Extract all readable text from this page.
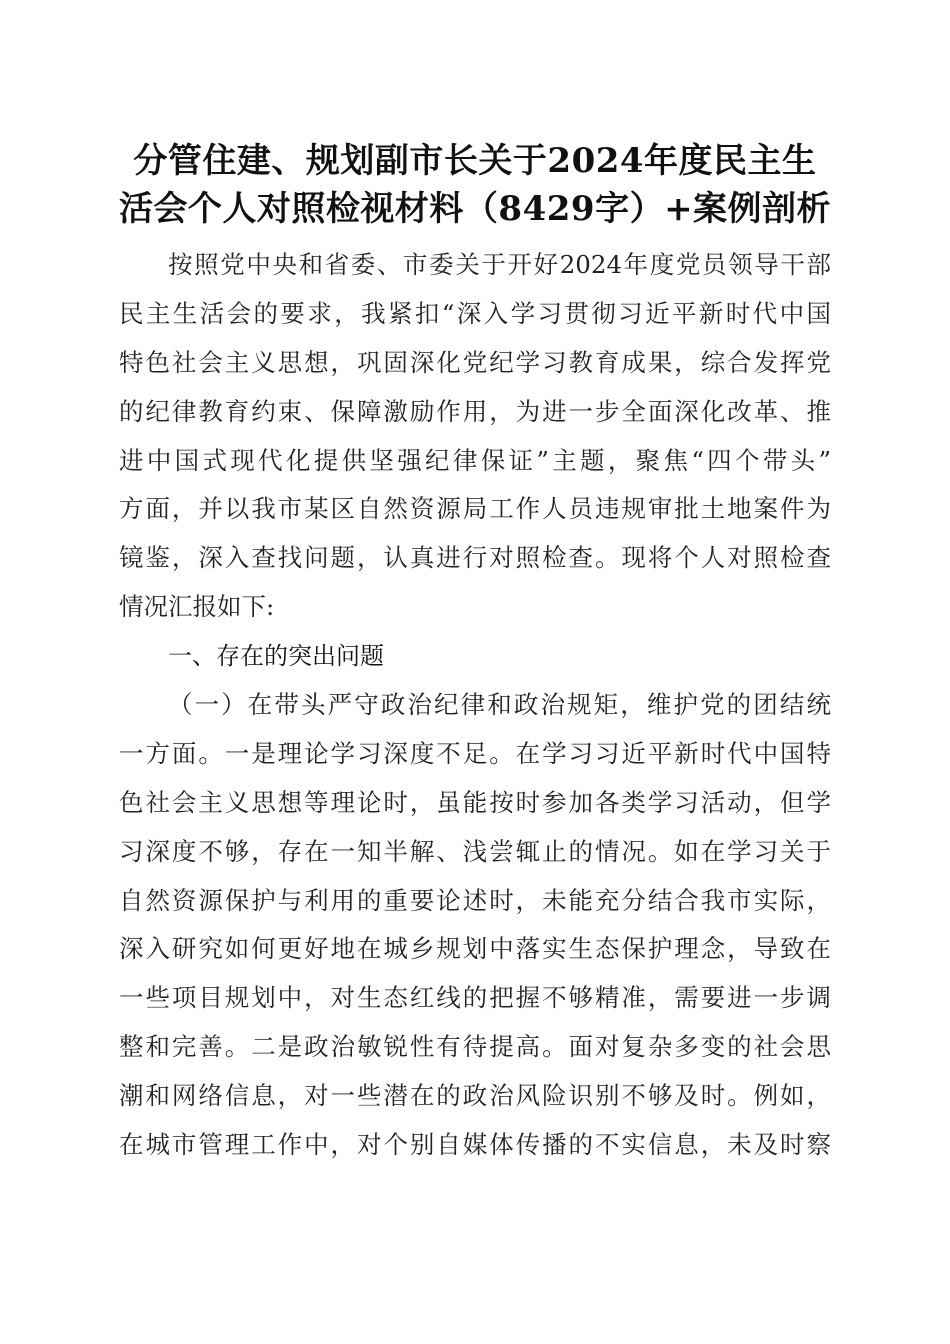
分管住建、规划副市长关于2024年度民主生
活会个人对照检视材料（8429字）+案例剖析
按照党中央和省委、市委关于开好2024年度党员领导干部
民主生活会的要求，我紧扣“深入学习贯彻习近平新时代中国
特色社会主义思想，巩固深化党纪学习教育成果，综合发挥党
的纪律教育约束、保障激励作用，为进一步全面深化改革、推
进中国式现代化提供坚强纪律保证”主题，聚焦“四个带头”
方面，并以我市某区自然资源局工作人员违规审批土地案件为
镜鉴，深入查找问题，认真进行对照检查。现将个人对照检查
情况汇报如下:
一、存在的突出问题
（一）在带头严守政治纪律和政治规矩，维护党的团结统
一方面。一是理论学习深度不足。在学习习近平新时代中国特
色社会主义思想等理论时，虽能按时参加各类学习活动，但学
习深度不够，存在一知半解、浅尝辄止的情况。如在学习关于
自然资源保护与利用的重要论述时，未能充分结合我市实际，
深入研究如何更好地在城乡规划中落实生态保护理念，导致在
一些项目规划中，对生态红线的把握不够精准，需要进一步调
整和完善。二是政治敏锐性有待提高。面对复杂多变的社会思
潮和网络信息，对一些潜在的政治风险识别不够及时。例如，
在城市管理工作中，对个别自媒体传播的不实信息，未及时察
